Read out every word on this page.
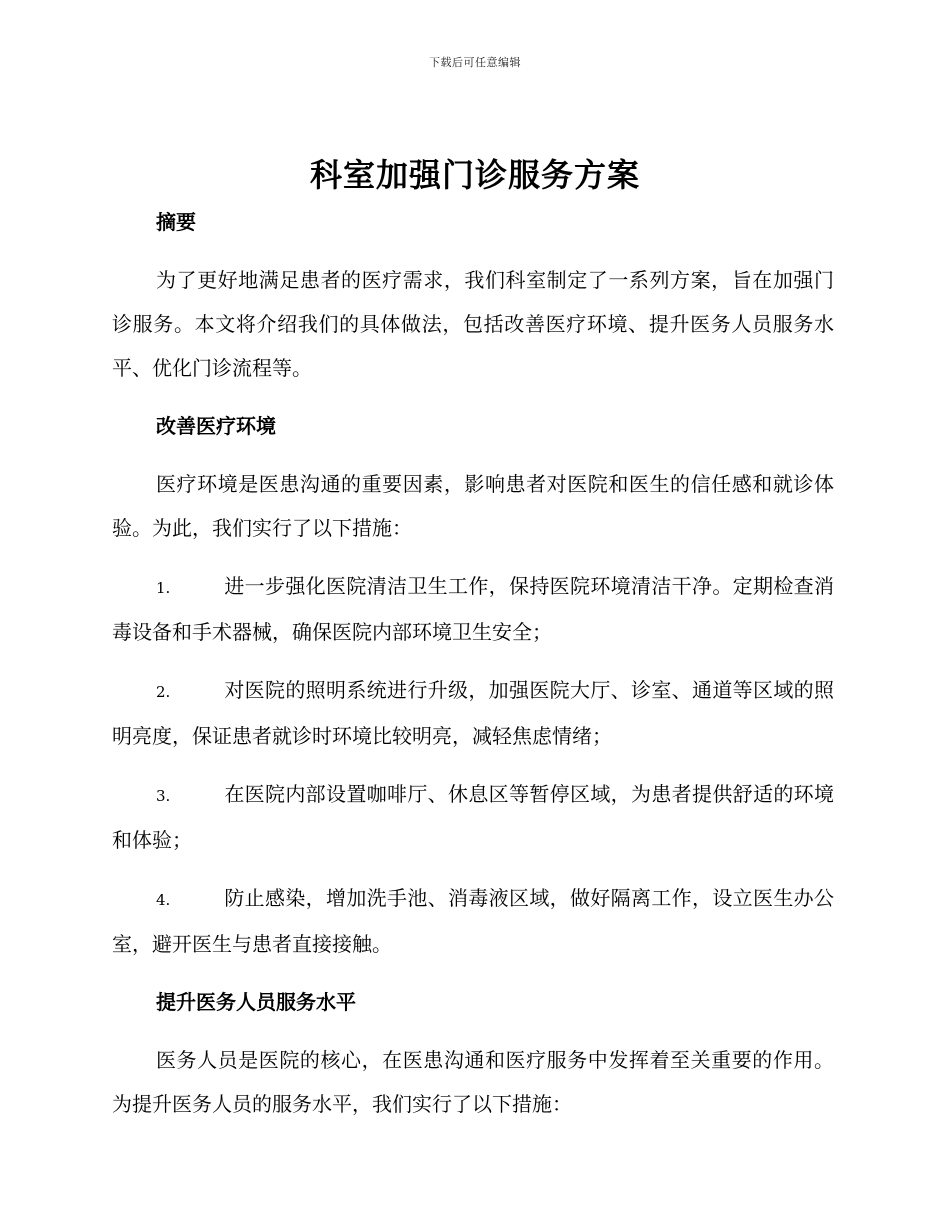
下载后可任意编辑
科室加强门诊服务方案
摘要

为了更好地满足患者的医疗需求，我们科室制定了一系列方案，旨在加强门诊服务。本文将介绍我们的具体做法，包括改善医疗环境、提升医务人员服务水平、优化门诊流程等。

改善医疗环境

医疗环境是医患沟通的重要因素，影响患者对医院和医生的信任感和就诊体验。为此，我们实行了以下措施：

1.	进一步强化医院清洁卫生工作，保持医院环境清洁干净。定期检查消毒设备和手术器械，确保医院内部环境卫生安全；

2.	对医院的照明系统进行升级，加强医院大厅、诊室、通道等区域的照明亮度，保证患者就诊时环境比较明亮，减轻焦虑情绪；

3.	在医院内部设置咖啡厅、休息区等暂停区域，为患者提供舒适的环境和体验；

4.	防止感染，增加洗手池、消毒液区域，做好隔离工作，设立医生办公室，避开医生与患者直接接触。

提升医务人员服务水平

医务人员是医院的核心，在医患沟通和医疗服务中发挥着至关重要的作用。为提升医务人员的服务水平，我们实行了以下措施：
